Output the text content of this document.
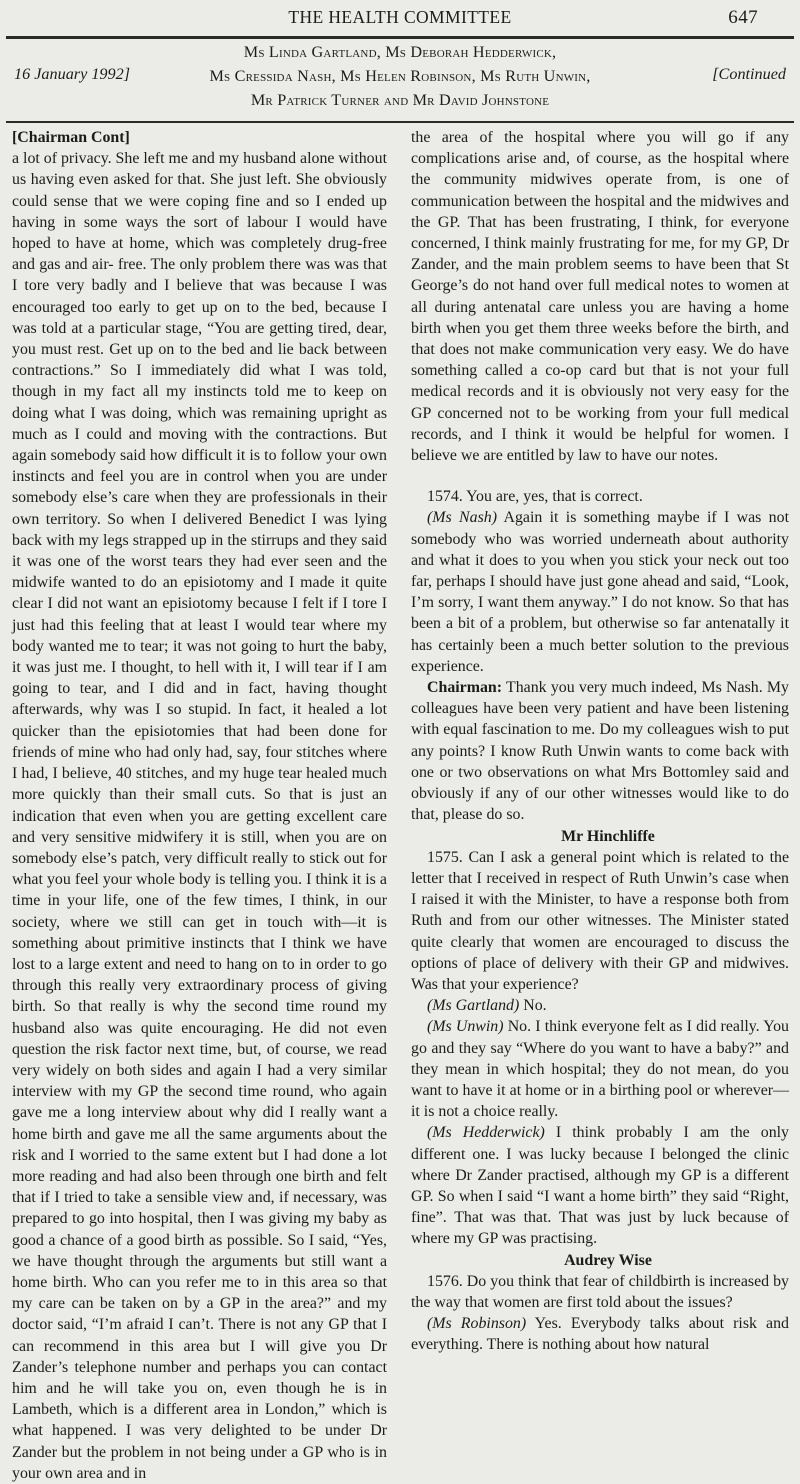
THE HEALTH COMMITTEE	647
Ms Linda Gartland, Ms Deborah Hedderwick,
16 January 1992]	Ms Cressida Nash, Ms Helen Robinson, Ms Ruth Unwin,	[Continued
Mr Patrick Turner and Mr David Johnstone

[Chairman Cont]

a lot of privacy. She left me and my husband alone without us having even asked for that. She just left. She obviously could sense that we were coping fine and so I ended up having in some ways the sort of labour I would have hoped to have at home, which was completely drug-free and gas and air- free. The only problem there was was that I tore very badly and I believe that was because I was encouraged too early to get up on to the bed, because I was told at a particular stage, “You are getting tired, dear, you must rest. Get up on to the bed and lie back between contractions.” So I immediately did what I was told, though in my fact all my instincts told me to keep on doing what I was doing, which was remaining upright as much as I could and moving with the contractions. But again somebody said how difficult it is to follow your own instincts and feel you are in control when you are under somebody else’s care when they are professionals in their own territory. So when I delivered Benedict I was lying back with my legs strapped up in the stirrups and they said it was one of the worst tears they had ever seen and the midwife wanted to do an episiotomy and I made it quite clear I did not want an episiotomy because I felt if I tore I just had this feeling that at least I would tear where my body wanted me to tear; it was not going to hurt the baby, it was just me. I thought, to hell with it, I will tear if I am going to tear, and I did and in fact, having thought afterwards, why was I so stupid. In fact, it healed a lot quicker than the episiotomies that had been done for friends of mine who had only had, say, four stitches where I had, I believe, 40 stitches, and my huge tear healed much more quickly than their small cuts. So that is just an indication that even when you are getting excellent care and very sensitive midwifery it is still, when you are on somebody else’s patch, very difficult really to stick out for what you feel your whole body is telling you. I think it is a time in your life, one of the few times, I think, in our society, where we still can get in touch with—it is something about primitive instincts that I think we have lost to a large extent and need to hang on to in order to go through this really very extraordinary process of giving birth. So that really is why the second time round my husband also was quite encouraging. He did not even question the risk factor next time, but, of course, we read very widely on both sides and again I had a very similar interview with my GP the second time round, who again gave me a long interview about why did I really want a home birth and gave me all the same arguments about the risk and I worried to the same extent but I had done a lot more reading and had also been through one birth and felt that if I tried to take a sensible view and, if necessary, was prepared to go into hospital, then I was giving my baby as good a chance of a good birth as possible. So I said, “Yes, we have thought through the arguments but still want a home birth. Who can you refer me to in this area so that my care can be taken on by a GP in the area?” and my doctor said, “I’m afraid I can’t. There is not any GP that I can recommend in this area but I will give you Dr Zander’s telephone number and perhaps you can contact him and he will take you on, even though he is in Lambeth, which is a different area in London,” which is what happened. I was very delighted to be under Dr Zander but the problem in not being under a GP who is in your own area and in

the area of the hospital where you will go if any complications arise and, of course, as the hospital where the community midwives operate from, is one of communication between the hospital and the midwives and the GP. That has been frustrating, I think, for everyone concerned, I think mainly frustrating for me, for my GP, Dr Zander, and the main problem seems to have been that St George’s do not hand over full medical notes to women at all during antenatal care unless you are having a home birth when you get them three weeks before the birth, and that does not make communication very easy. We do have something called a co-op card but that is not your full medical records and it is obviously not very easy for the GP concerned not to be working from your full medical records, and I think it would be helpful for women. I believe we are entitled by law to have our notes.

1574. You are, yes, that is correct.

(Ms Nash) Again it is something maybe if I was not somebody who was worried underneath about authority and what it does to you when you stick your neck out too far, perhaps I should have just gone ahead and said, “Look, I’m sorry, I want them anyway.” I do not know. So that has been a bit of a problem, but otherwise so far antenatally it has certainly been a much better solution to the previous experience.

Chairman: Thank you very much indeed, Ms Nash. My colleagues have been very patient and have been listening with equal fascination to me. Do my colleagues wish to put any points? I know Ruth Unwin wants to come back with one or two observations on what Mrs Bottomley said and obviously if any of our other witnesses would like to do that, please do so.

Mr Hinchliffe

1575. Can I ask a general point which is related to the letter that I received in respect of Ruth Unwin’s case when I raised it with the Minister, to have a response both from Ruth and from our other witnesses. The Minister stated quite clearly that women are encouraged to discuss the options of place of delivery with their GP and midwives. Was that your experience?

(Ms Gartland) No.

(Ms Unwin) No. I think everyone felt as I did really. You go and they say “Where do you want to have a baby?” and they mean in which hospital; they do not mean, do you want to have it at home or in a birthing pool or wherever—it is not a choice really.

(Ms Hedderwick) I think probably I am the only different one. I was lucky because I belonged the clinic where Dr Zander practised, although my GP is a different GP. So when I said “I want a home birth” they said “Right, fine”. That was that. That was just by luck because of where my GP was practising.

Audrey Wise

1576. Do you think that fear of childbirth is increased by the way that women are first told about the issues?

(Ms Robinson) Yes. Everybody talks about risk and everything. There is nothing about how natural
